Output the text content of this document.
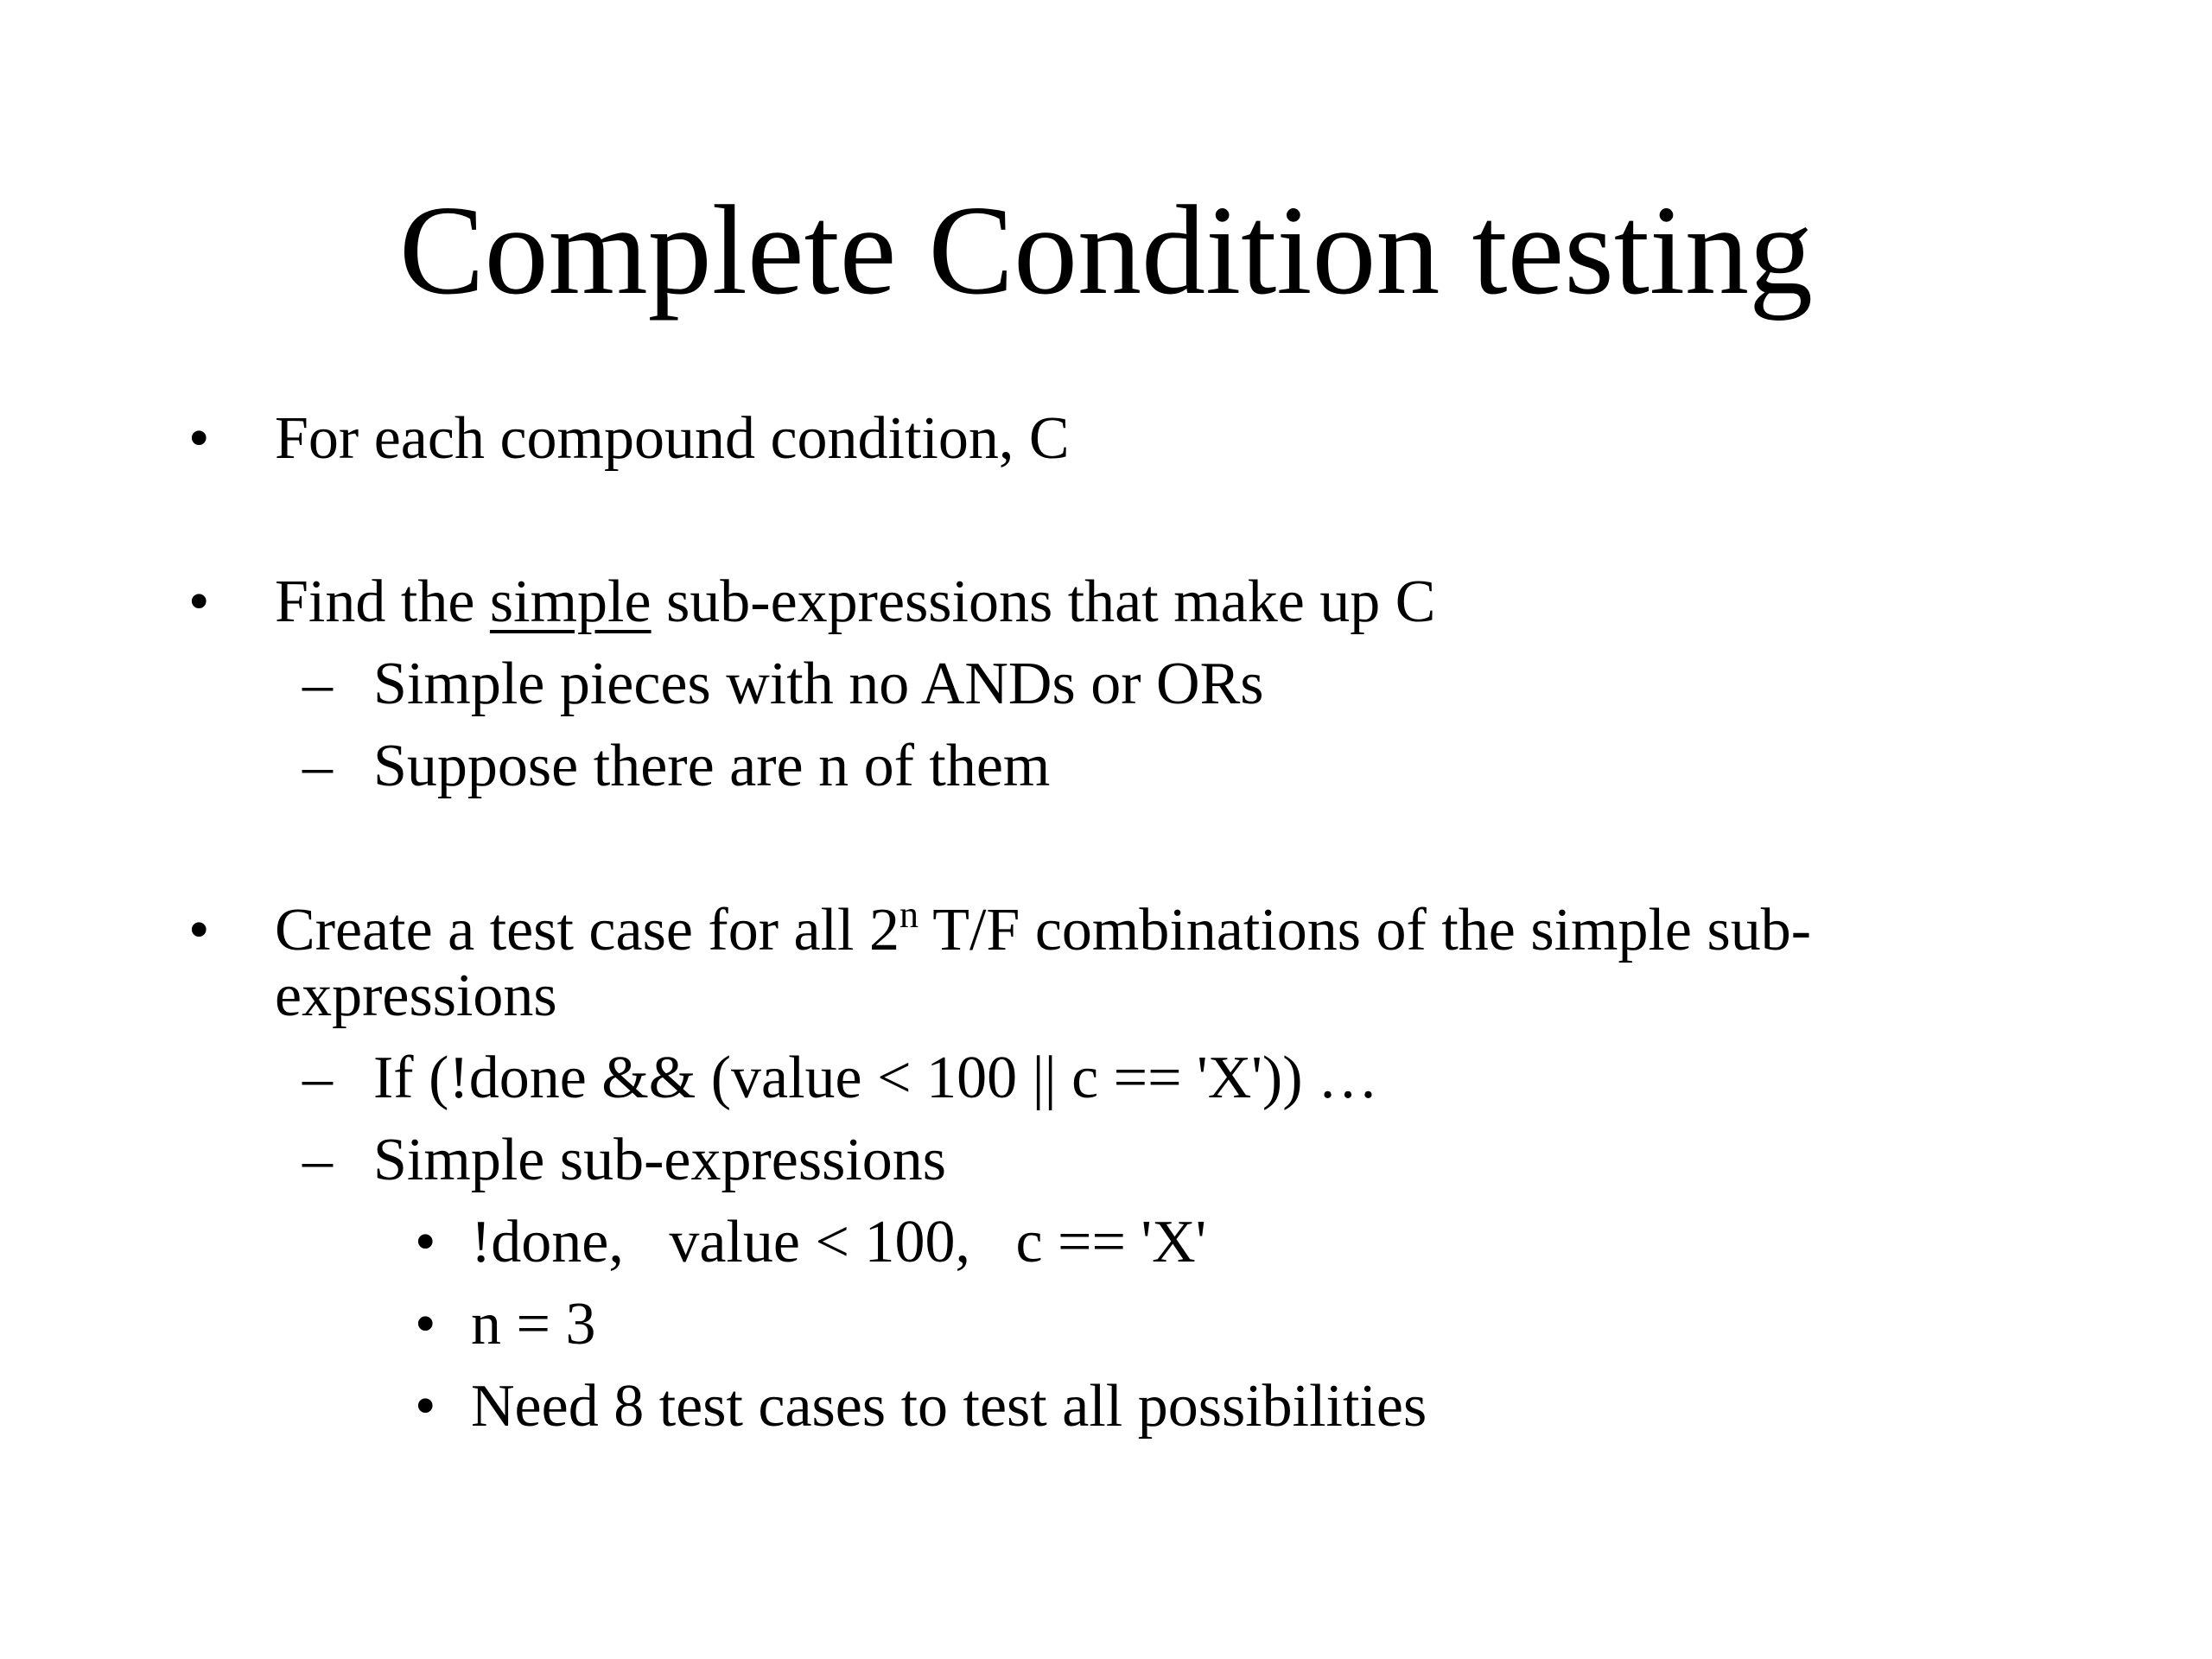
Complete Condition testing
• For each compound condition, C
• Find the simple sub-expressions that make up C
– Simple pieces with no ANDs or ORs
– Suppose there are n of them
• Create a test case for all 2$^n$ T/F combinations of the simple sub-
expressions
– If (!done && (value < 100 || c == 'X')) …
– Simple sub-expressions
• !done,   value < 100,   c == 'X'
• n = 3
• Need 8 test cases to test all possibilities
